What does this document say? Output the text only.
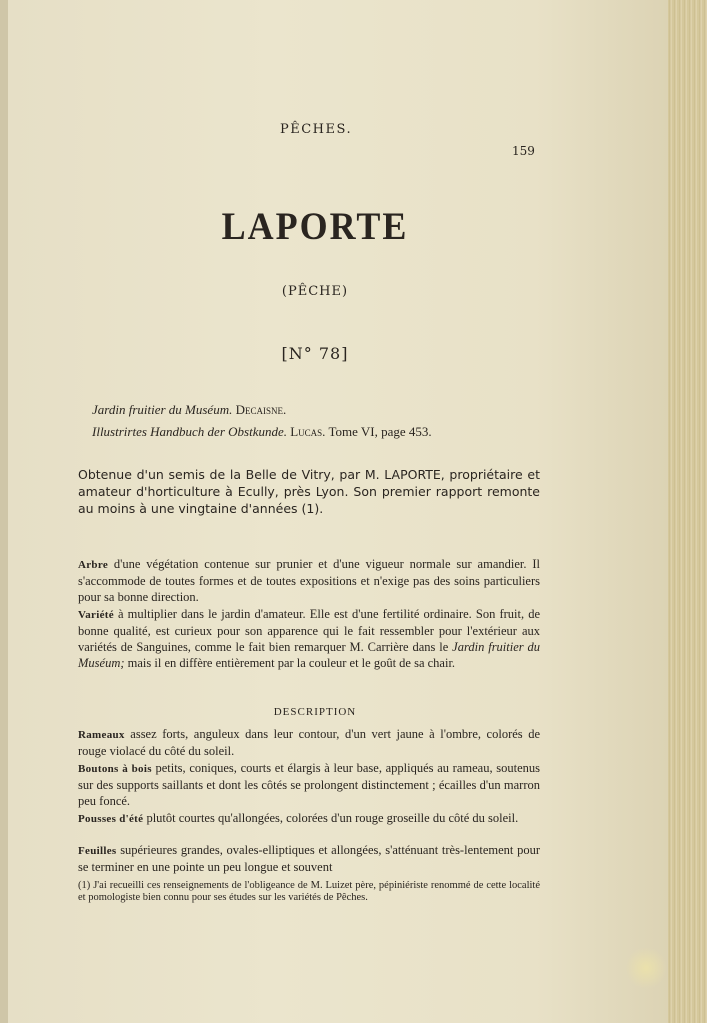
PÊCHES.

159

LAPORTE

(PÊCHE)

[N° 78]

Jardin fruitier du Muséum. Decaisne.

Illustrirtes Handbuch der Obstkunde. Lucas. Tome VI, page 453.

Obtenue d'un semis de la Belle de Vitry, par M. LAPORTE, propriétaire et amateur d'horticulture à Ecully, près Lyon. Son premier rapport remonte au moins à une vingtaine d'années (1).

Arbre d'une végétation contenue sur prunier et d'une vigueur normale sur amandier. Il s'accommode de toutes formes et de toutes expositions et n'exige pas des soins particuliers pour sa bonne direction.

Variété à multiplier dans le jardin d'amateur. Elle est d'une fertilité ordinaire. Son fruit, de bonne qualité, est curieux pour son apparence qui le fait ressembler pour l'extérieur aux variétés de Sanguines, comme le fait bien remarquer M. Carrière dans le Jardin fruitier du Muséum; mais il en diffère entièrement par la couleur et le goût de sa chair.

DESCRIPTION

Rameaux assez forts, anguleux dans leur contour, d'un vert jaune à l'ombre, colorés de rouge violacé du côté du soleil.

Boutons à bois petits, coniques, courts et élargis à leur base, appliqués au rameau, soutenus sur des supports saillants et dont les côtés se prolongent distinctement ; écailles d'un marron peu foncé.

Pousses d'été plutôt courtes qu'allongées, colorées d'un rouge groseille du côté du soleil.

Feuilles supérieures grandes, ovales-elliptiques et allongées, s'atténuant très-lentement pour se terminer en une pointe un peu longue et souvent

(1) J'ai recueilli ces renseignements de l'obligeance de M. Luizet père, pépiniériste renommé de cette localité et pomologiste bien connu pour ses études sur les variétés de Pêches.
